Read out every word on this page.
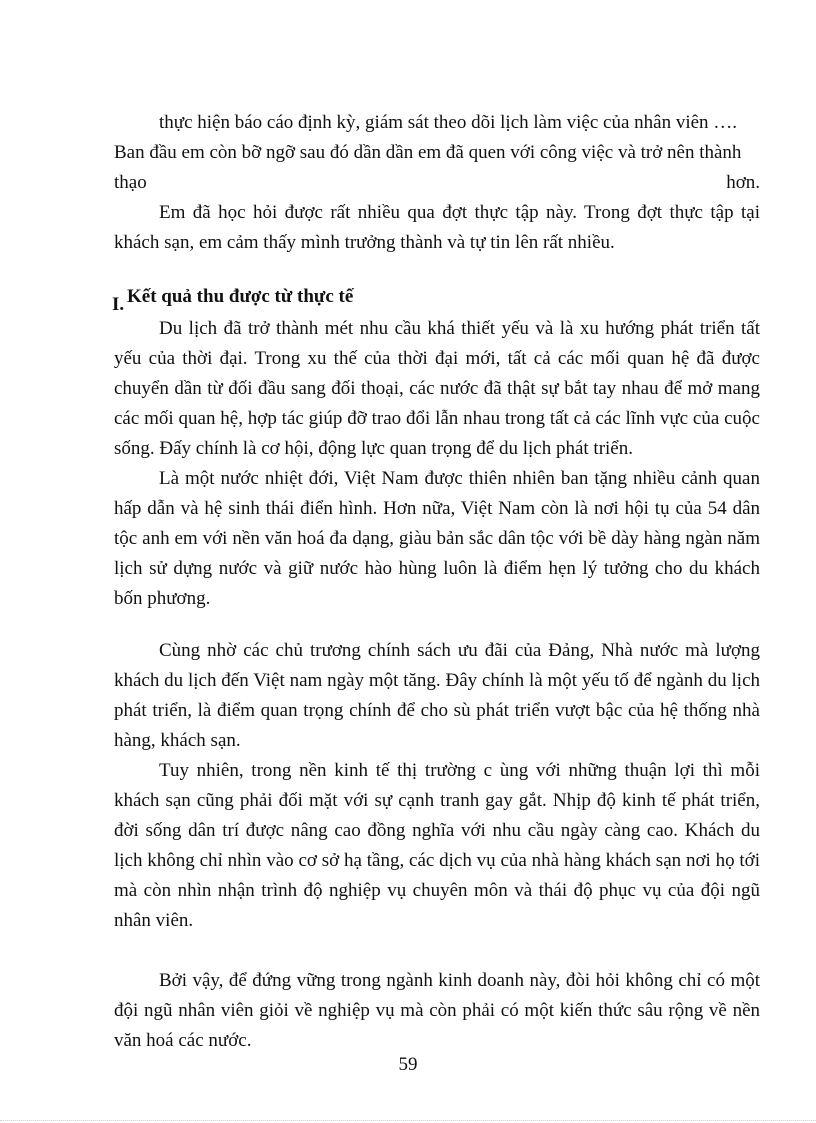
thực hiện báo cáo định kỳ, giám sát theo dõi lịch làm việc của nhân viên ….

Ban đầu em còn bỡ ngỡ sau đó dần dần em đã quen với công việc và trở nên thành

thạo	hơn.

Em đã học hỏi được rất nhiều qua đợt thực tập này. Trong đợt thực tập tại khách sạn, em cảm thấy mình trưởng thành và tự tin lên rất nhiều.

I. Kết quả thu được từ thực tế

Du lịch đã trở thành mét nhu cầu khá thiết yếu và là xu hướng phát triển tất yếu của thời đại. Trong xu thế của thời đại mới, tất cả các mối quan hệ đã được chuyển dần từ đối đầu sang đối thoại, các nước đã thật sự bắt tay nhau để mở mang các mối quan hệ, hợp tác giúp đỡ trao đổi lẫn nhau trong tất cả các lĩnh vực của cuộc sống. Đấy chính là cơ hội, động lực quan trọng để du lịch phát triển.

Là một nước nhiệt đới, Việt Nam được thiên nhiên ban tặng nhiều cảnh quan hấp dẫn và hệ sinh thái điển hình. Hơn nữa, Việt Nam còn là nơi hội tụ của 54 dân tộc anh em với nền văn hoá đa dạng, giàu bản sắc dân tộc với bề dày hàng ngàn năm lịch sử dựng nước và giữ nước hào hùng luôn là điểm hẹn lý tưởng cho du khách bốn phương.

Cùng nhờ các chủ trương chính sách ưu đãi của Đảng, Nhà nước mà lượng khách du lịch đến Việt nam ngày một tăng. Đây chính là một yếu tố để ngành du lịch phát triển, là điểm quan trọng chính để cho sù phát triển vượt bậc của hệ thống nhà hàng, khách sạn.

Tuy nhiên, trong nền kinh tế thị trường c ùng với những thuận lợi thì mỗi khách sạn cũng phải đối mặt với sự cạnh tranh gay gắt. Nhịp độ kinh tế phát triển, đời sống dân trí được nâng cao đồng nghĩa với nhu cầu ngày càng cao. Khách du lịch không chỉ nhìn vào cơ sở hạ tầng, các dịch vụ của nhà hàng khách sạn nơi họ tới mà còn nhìn nhận trình độ nghiệp vụ chuyên môn và thái độ phục vụ của đội ngũ nhân viên.

Bởi vậy, để đứng vững trong ngành kinh doanh này, đòi hỏi không chỉ có một đội ngũ nhân viên giỏi về nghiệp vụ mà còn phải có một kiến thức sâu rộng về nền văn hoá các nước.

59
